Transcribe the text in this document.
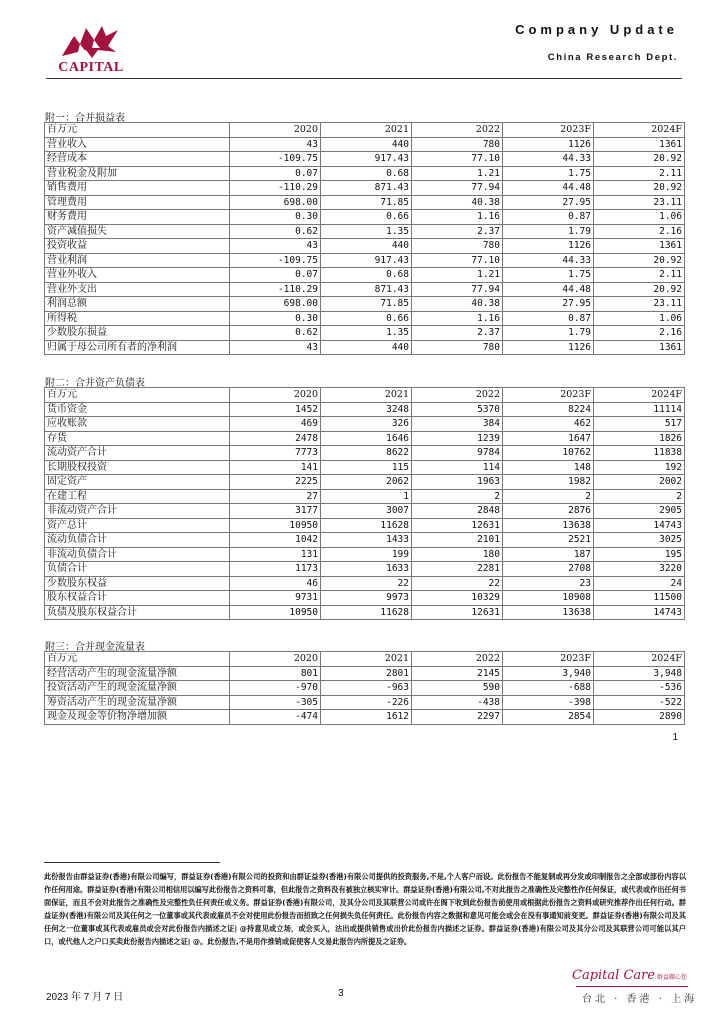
CAPITAL
Company Update
China Research Dept.
附一：合并损益表
百万元	2020	2021	2022	2023F	2024F
营业收入	43	440	780	1126	1361
经营成本	-109.75	917.43	77.10	44.33	20.92
营业税金及附加	0.07	0.68	1.21	1.75	2.11
销售费用	-110.29	871.43	77.94	44.48	20.92
管理费用	698.00	71.85	40.38	27.95	23.11
财务费用	0.30	0.66	1.16	0.87	1.06
资产减值损失	0.62	1.35	2.37	1.79	2.16
投资收益	43	440	780	1126	1361
营业利润	-109.75	917.43	77.10	44.33	20.92
营业外收入	0.07	0.68	1.21	1.75	2.11
营业外支出	-110.29	871.43	77.94	44.48	20.92
利润总额	698.00	71.85	40.38	27.95	23.11
所得税	0.30	0.66	1.16	0.87	1.06
少数股东损益	0.62	1.35	2.37	1.79	2.16
归属于母公司所有者的净利润	43	440	780	1126	1361
附二：合并资产负债表
百万元	2020	2021	2022	2023F	2024F
货币资金	1452	3248	5370	8224	11114
应收账款	469	326	384	462	517
存货	2478	1646	1239	1647	1826
流动资产合计	7773	8622	9784	10762	11838
长期股权投资	141	115	114	148	192
固定资产	2225	2062	1963	1982	2002
在建工程	27	1	2	2	2
非流动资产合计	3177	3007	2848	2876	2905
资产总计	10950	11628	12631	13638	14743
流动负债合计	1042	1433	2101	2521	3025
非流动负债合计	131	199	180	187	195
负债合计	1173	1633	2281	2708	3220
少数股东权益	46	22	22	23	24
股东权益合计	9731	9973	10329	10908	11500
负债及股东权益合计	10950	11628	12631	13638	14743
附三：合并现金流量表
百万元	2020	2021	2022	2023F	2024F
经营活动产生的现金流量净额	801	2801	2145	3,940	3,948
投资活动产生的现金流量净额	-970	-963	590	-688	-536
筹资活动产生的现金流量净额	-305	-226	-438	-398	-522
现金及现金等价物净增加额	-474	1612	2297	2854	2890
1
此份报告由群益证券(香港)有限公司编写，群益证券(香港)有限公司的投资和由群证益券(香港)有限公司提供的投资服务,不是,个人客户而设。此份报告不能复制或再分发或印制报告之全部或部份内容以作任何用途。群益证券(香港)有限公司相信用以编写此份报告之资料可靠，但此报告之资料没有被独立核实审计。群益证券(香港)有限公司,不对此报告之准确性及完整性作任何保证，或代表或作出任何书面保证，而且不会对此报告之准确性及完整性负任何责任或义务。群益证券(香港)有限公司，及其分公司及其联营公司或许在阁下收到此份报告前使用或根据此份报告之资料或研究推荐作出任何行动。群益证券(香港)有限公司及其任何之一位董事或其代表或雇员不会对使用此份报告而招致之任何损失负任何责任。此份报告内容之数据和意见可能会或会在没有事通知前变更。群益证券(香港)有限公司及其任何之一位董事或其代表或雇员或会对此份报告内描述之证| @持意见或立场，或会买入，沽出或提供销售或出价此份报告内描述之证券。群益证券(香港)有限公司及其分公司及其联营公司可能以其户口，或代他人之户口买卖此份报告内描述之证| @。此份报告,不是用作推销或促使客人交易此报告内所提及之证券。
2023 年 7 月 7 日	3
Capital Care 群益關心您
台北 · 香港 · 上海
